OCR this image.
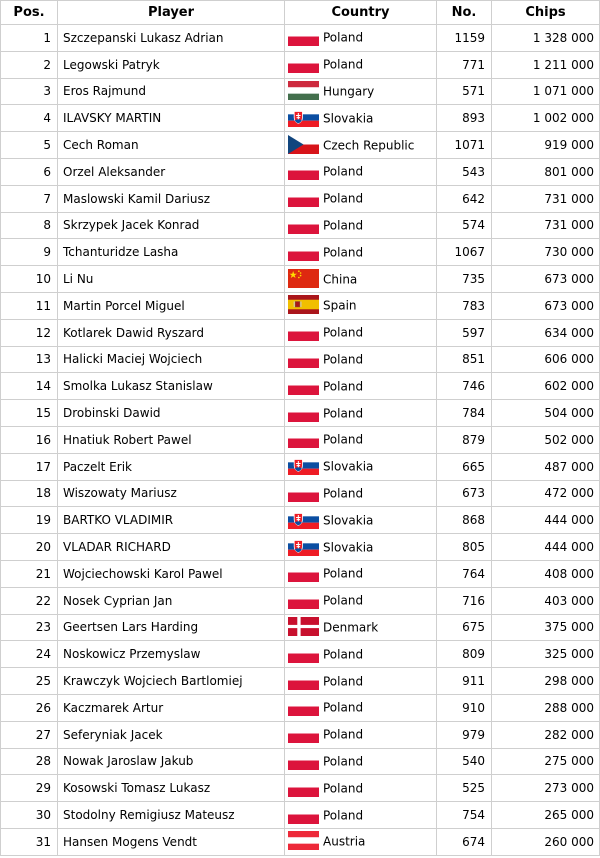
Pos.	Player	Country	No.	Chips
1	Szczepanski Lukasz Adrian	Poland	1159	1 328 000
2	Legowski Patryk	Poland	771	1 211 000
3	Eros Rajmund	Hungary	571	1 071 000
4	ILAVSKY MARTIN	Slovakia	893	1 002 000
5	Cech Roman	Czech Republic	1071	919 000
6	Orzel Aleksander	Poland	543	801 000
7	Maslowski Kamil Dariusz	Poland	642	731 000
8	Skrzypek Jacek Konrad	Poland	574	731 000
9	Tchanturidze Lasha	Poland	1067	730 000
10	Li Nu	China	735	673 000
11	Martin Porcel Miguel	Spain	783	673 000
12	Kotlarek Dawid Ryszard	Poland	597	634 000
13	Halicki Maciej Wojciech	Poland	851	606 000
14	Smolka Lukasz Stanislaw	Poland	746	602 000
15	Drobinski Dawid	Poland	784	504 000
16	Hnatiuk Robert Pawel	Poland	879	502 000
17	Paczelt Erik	Slovakia	665	487 000
18	Wiszowaty Mariusz	Poland	673	472 000
19	BARTKO VLADIMIR	Slovakia	868	444 000
20	VLADAR RICHARD	Slovakia	805	444 000
21	Wojciechowski Karol Pawel	Poland	764	408 000
22	Nosek Cyprian Jan	Poland	716	403 000
23	Geertsen Lars Harding	Denmark	675	375 000
24	Noskowicz Przemyslaw	Poland	809	325 000
25	Krawczyk Wojciech Bartlomiej	Poland	911	298 000
26	Kaczmarek Artur	Poland	910	288 000
27	Seferyniak Jacek	Poland	979	282 000
28	Nowak Jaroslaw Jakub	Poland	540	275 000
29	Kosowski Tomasz Lukasz	Poland	525	273 000
30	Stodolny Remigiusz Mateusz	Poland	754	265 000
31	Hansen Mogens Vendt	Austria	674	260 000
